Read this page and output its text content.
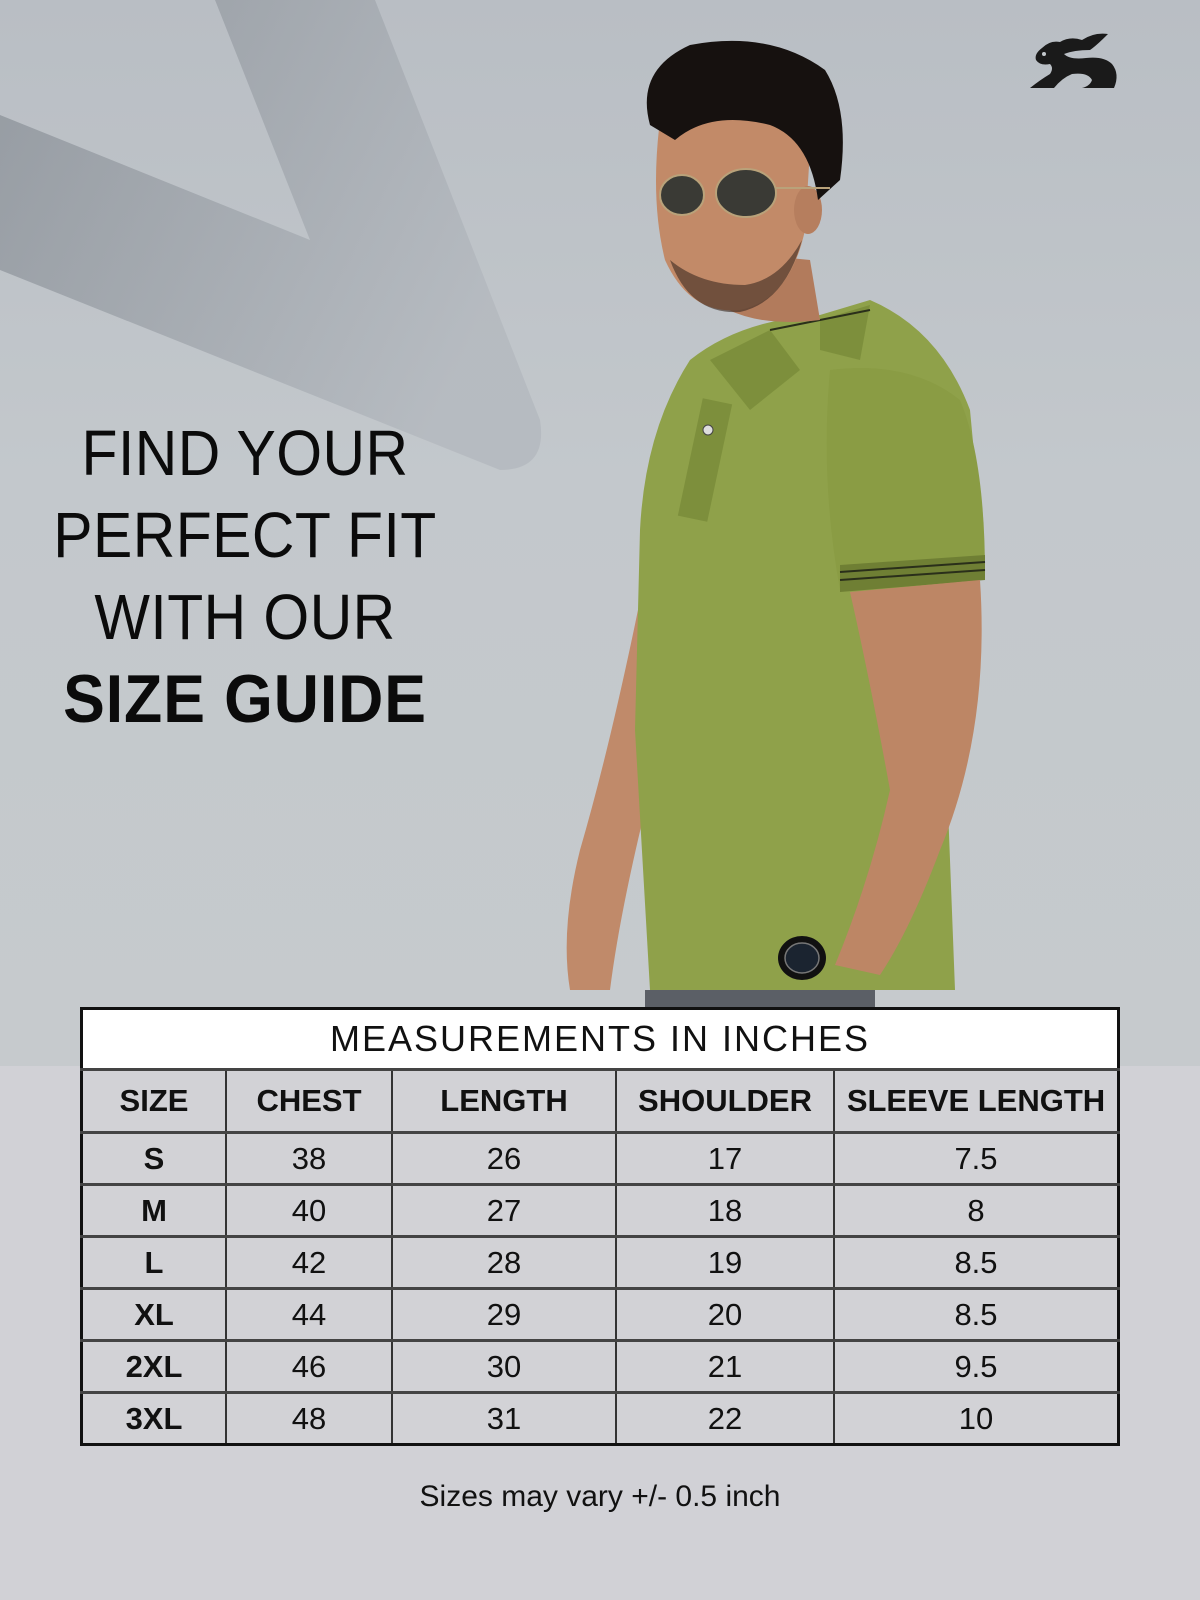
FIND YOUR
PERFECT FIT
WITH OUR
SIZE GUIDE
MEASUREMENTS IN INCHES				
SIZE	CHEST	LENGTH	SHOULDER	SLEEVE LENGTH
S	38	26	17	7.5
M	40	27	18	8
L	42	28	19	8.5
XL	44	29	20	8.5
2XL	46	30	21	9.5
3XL	48	31	22	10
Sizes may vary +/- 0.5 inch
